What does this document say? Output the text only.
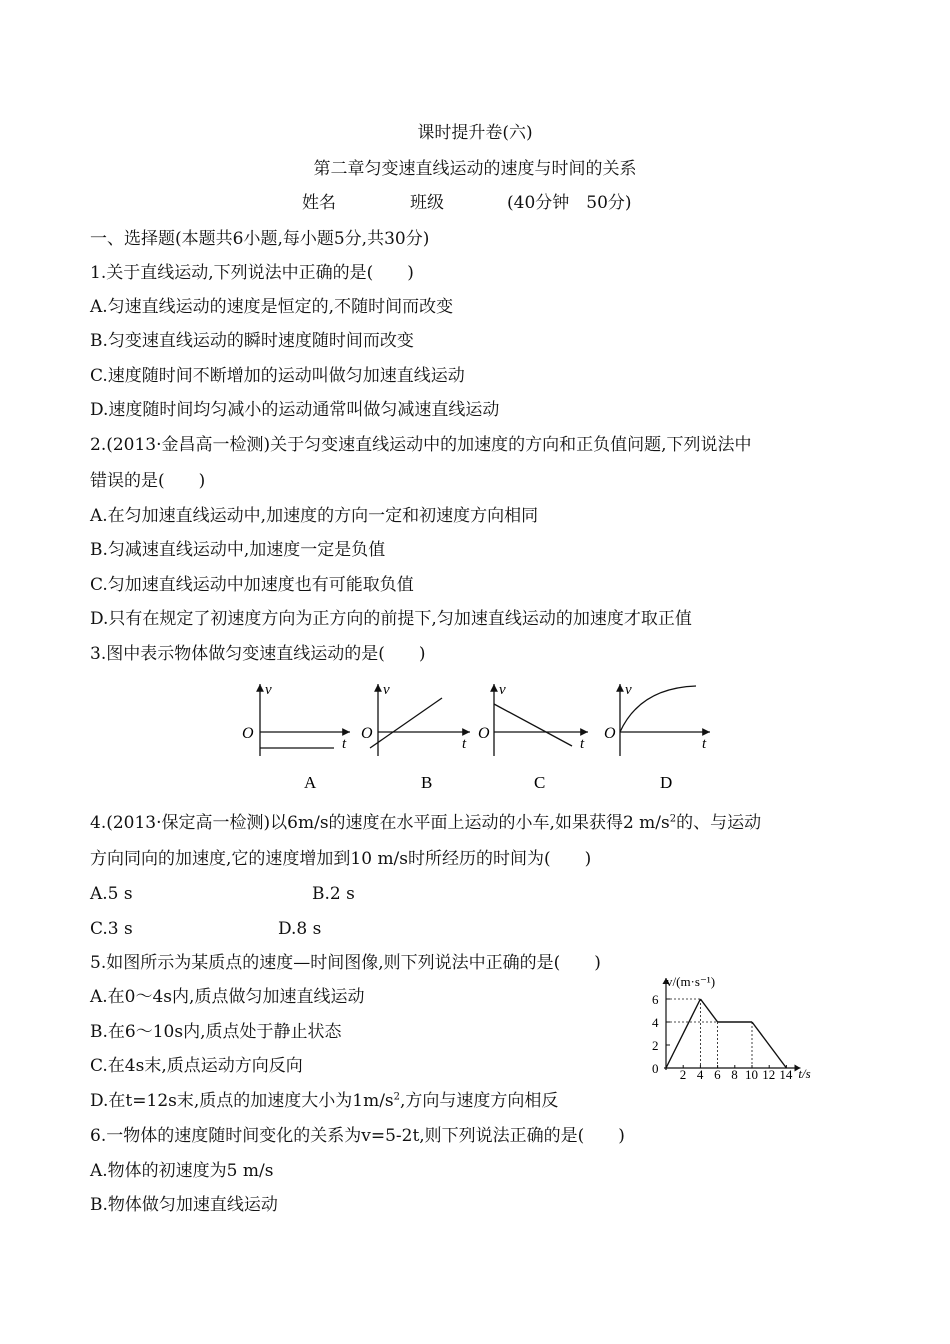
课时提升卷(六)
第二章匀变速直线运动的速度与时间的关系
姓名	班级	(40分钟　50分)
一、选择题(本题共6小题,每小题5分,共30分)
1.关于直线运动,下列说法中正确的是(　　)
A.匀速直线运动的速度是恒定的,不随时间而改变
B.匀变速直线运动的瞬时速度随时间而改变
C.速度随时间不断增加的运动叫做匀加速直线运动
D.速度随时间均匀减小的运动通常叫做匀减速直线运动
2.(2013·金昌高一检测)关于匀变速直线运动中的加速度的方向和正负值问题,下列说法中
错误的是(　　)
A.在匀加速直线运动中,加速度的方向一定和初速度方向相同
B.匀减速直线运动中,加速度一定是负值
C.匀加速直线运动中加速度也有可能取负值
D.只有在规定了初速度方向为正方向的前提下,匀加速直线运动的加速度才取正值
3.图中表示物体做匀变速直线运动的是(　　)
v
O
t
A
v
O
t
B
v
O
t
C
v
O
t
D
4.(2013·保定高一检测)以6m/s的速度在水平面上运动的小车,如果获得2 $m/s^2$的、与运动
方向同向的加速度,它的速度增加到10 m/s时所经历的时间为(　　)
A.5 s	B.2 s
C.3 s	D.8 s
5.如图所示为某质点的速度—时间图像,则下列说法中正确的是(　　)
A.在0～4s内,质点做匀加速直线运动
B.在6～10s内,质点处于静止状态
C.在4s末,质点运动方向反向
D.在t=12s末,质点的加速度大小为$1m/s^2$,方向与速度方向相反
v/(m·s⁻¹)
t/s
0
2
4
6
2 4 6 8 10 12 14
6.一物体的速度随时间变化的关系为v=5-2t,则下列说法正确的是(　　)
A.物体的初速度为5 m/s
B.物体做匀加速直线运动
